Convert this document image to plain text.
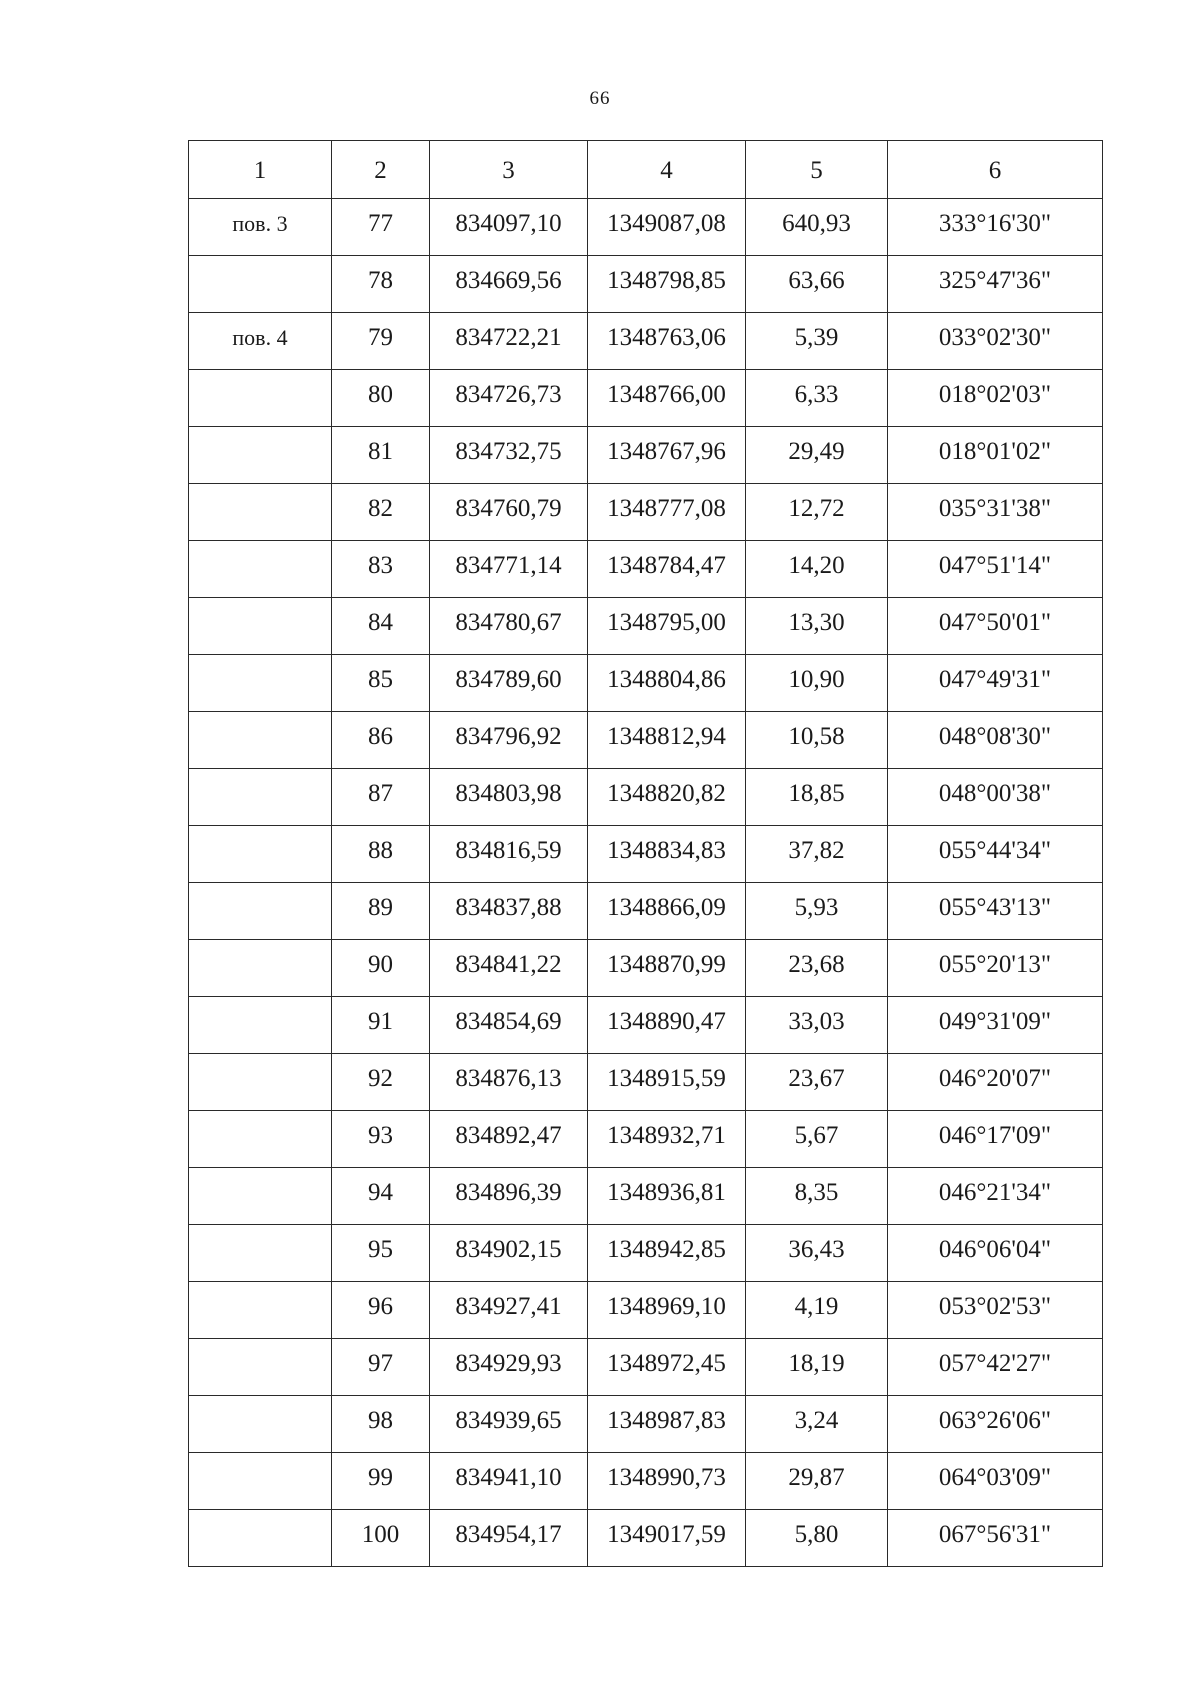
66
1	2	3	4	5	6
пов. 3	77	834097,10	1349087,08	640,93	333°16'30"
	78	834669,56	1348798,85	63,66	325°47'36"
пов. 4	79	834722,21	1348763,06	5,39	033°02'30"
	80	834726,73	1348766,00	6,33	018°02'03"
	81	834732,75	1348767,96	29,49	018°01'02"
	82	834760,79	1348777,08	12,72	035°31'38"
	83	834771,14	1348784,47	14,20	047°51'14"
	84	834780,67	1348795,00	13,30	047°50'01"
	85	834789,60	1348804,86	10,90	047°49'31"
	86	834796,92	1348812,94	10,58	048°08'30"
	87	834803,98	1348820,82	18,85	048°00'38"
	88	834816,59	1348834,83	37,82	055°44'34"
	89	834837,88	1348866,09	5,93	055°43'13"
	90	834841,22	1348870,99	23,68	055°20'13"
	91	834854,69	1348890,47	33,03	049°31'09"
	92	834876,13	1348915,59	23,67	046°20'07"
	93	834892,47	1348932,71	5,67	046°17'09"
	94	834896,39	1348936,81	8,35	046°21'34"
	95	834902,15	1348942,85	36,43	046°06'04"
	96	834927,41	1348969,10	4,19	053°02'53"
	97	834929,93	1348972,45	18,19	057°42'27"
	98	834939,65	1348987,83	3,24	063°26'06"
	99	834941,10	1348990,73	29,87	064°03'09"
	100	834954,17	1349017,59	5,80	067°56'31"
